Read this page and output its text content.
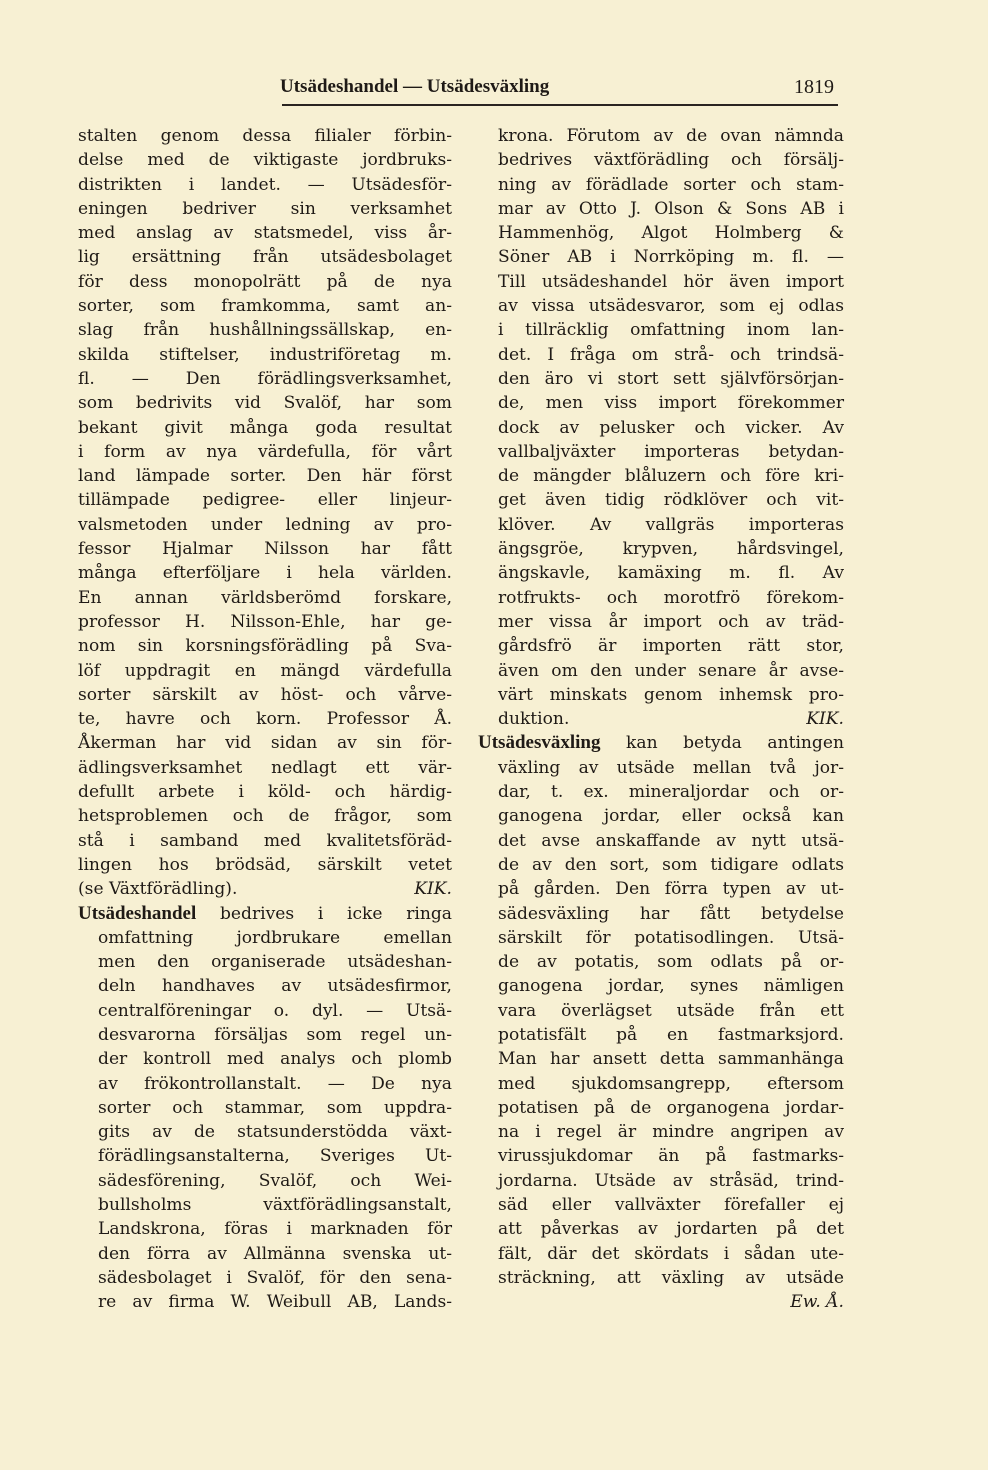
Utsädeshandel — Utsädesväxling	1819
stalten genom dessa filialer förbin-
delse med de viktigaste jordbruks-
distrikten i landet. — Utsädesför-
eningen bedriver sin verksamhet
med anslag av statsmedel, viss år-
lig ersättning från utsädesbolaget
för dess monopolrätt på de nya
sorter, som framkomma, samt an-
slag från hushållningssällskap, en-
skilda stiftelser, industriföretag m.
fl. — Den förädlingsverksamhet,
som bedrivits vid Svalöf, har som
bekant givit många goda resultat
i form av nya värdefulla, för vårt
land lämpade sorter. Den här först
tillämpade pedigree- eller linjeur-
valsmetoden under ledning av pro-
fessor Hjalmar Nilsson har fått
många efterföljare i hela världen.
En annan världsberömd forskare,
professor H. Nilsson-Ehle, har ge-
nom sin korsningsförädling på Sva-
löf uppdragit en mängd värdefulla
sorter särskilt av höst- och vårve-
te, havre och korn. Professor Å.
Åkerman har vid sidan av sin för-
ädlingsverksamhet nedlagt ett vär-
defullt arbete i köld- och härdig-
hetsproblemen och de frågor, som
stå i samband med kvalitetsföräd-
lingen hos brödsäd, särskilt vetet
(se Växtförädling).	KIK.
Utsädeshandel bedrives i icke ringa
omfattning jordbrukare emellan
men den organiserade utsädeshan-
deln handhaves av utsädesfirmor,
centralföreningar o. dyl. — Utsä-
desvarorna försäljas som regel un-
der kontroll med analys och plomb
av frökontrollanstalt. — De nya
sorter och stammar, som uppdra-
gits av de statsunderstödda växt-
förädlingsanstalterna, Sveriges Ut-
sädesförening, Svalöf, och Wei-
bullsholms växtförädlingsanstalt,
Landskrona, föras i marknaden för
den förra av Allmänna svenska ut-
sädesbolaget i Svalöf, för den sena-
re av firma W. Weibull AB, Lands-
krona. Förutom av de ovan nämnda
bedrives växtförädling och försälj-
ning av förädlade sorter och stam-
mar av Otto J. Olson & Sons AB i
Hammenhög, Algot Holmberg &
Söner AB i Norrköping m. fl. —
Till utsädeshandel hör även import
av vissa utsädesvaror, som ej odlas
i tillräcklig omfattning inom lan-
det. I fråga om strå- och trindsä-
den äro vi stort sett självförsörjan-
de, men viss import förekommer
dock av pelusker och vicker. Av
vallbaljväxter importeras betydan-
de mängder blåluzern och före kri-
get även tidig rödklöver och vit-
klöver. Av vallgräs importeras
ängsgröe, krypven, hårdsvingel,
ängskavle, kamäxing m. fl. Av
rotfrukts- och morotfrö förekom-
mer vissa år import och av träd-
gårdsfrö är importen rätt stor,
även om den under senare år avse-
värt minskats genom inhemsk pro-
duktion.	KIK.
Utsädesväxling kan betyda antingen
växling av utsäde mellan två jor-
dar, t. ex. mineraljordar och or-
ganogena jordar, eller också kan
det avse anskaffande av nytt utsä-
de av den sort, som tidigare odlats
på gården. Den förra typen av ut-
sädesväxling har fått betydelse
särskilt för potatisodlingen. Utsä-
de av potatis, som odlats på or-
ganogena jordar, synes nämligen
vara överlägset utsäde från ett
potatisfält på en fastmarksjord.
Man har ansett detta sammanhänga
med sjukdomsangrepp, eftersom
potatisen på de organogena jordar-
na i regel är mindre angripen av
virussjukdomar än på fastmarks-
jordarna. Utsäde av stråsäd, trind-
säd eller vallväxter förefaller ej
att påverkas av jordarten på det
fält, där det skördats i sådan ute-
sträckning, att växling av utsäde
Ew. Å.
